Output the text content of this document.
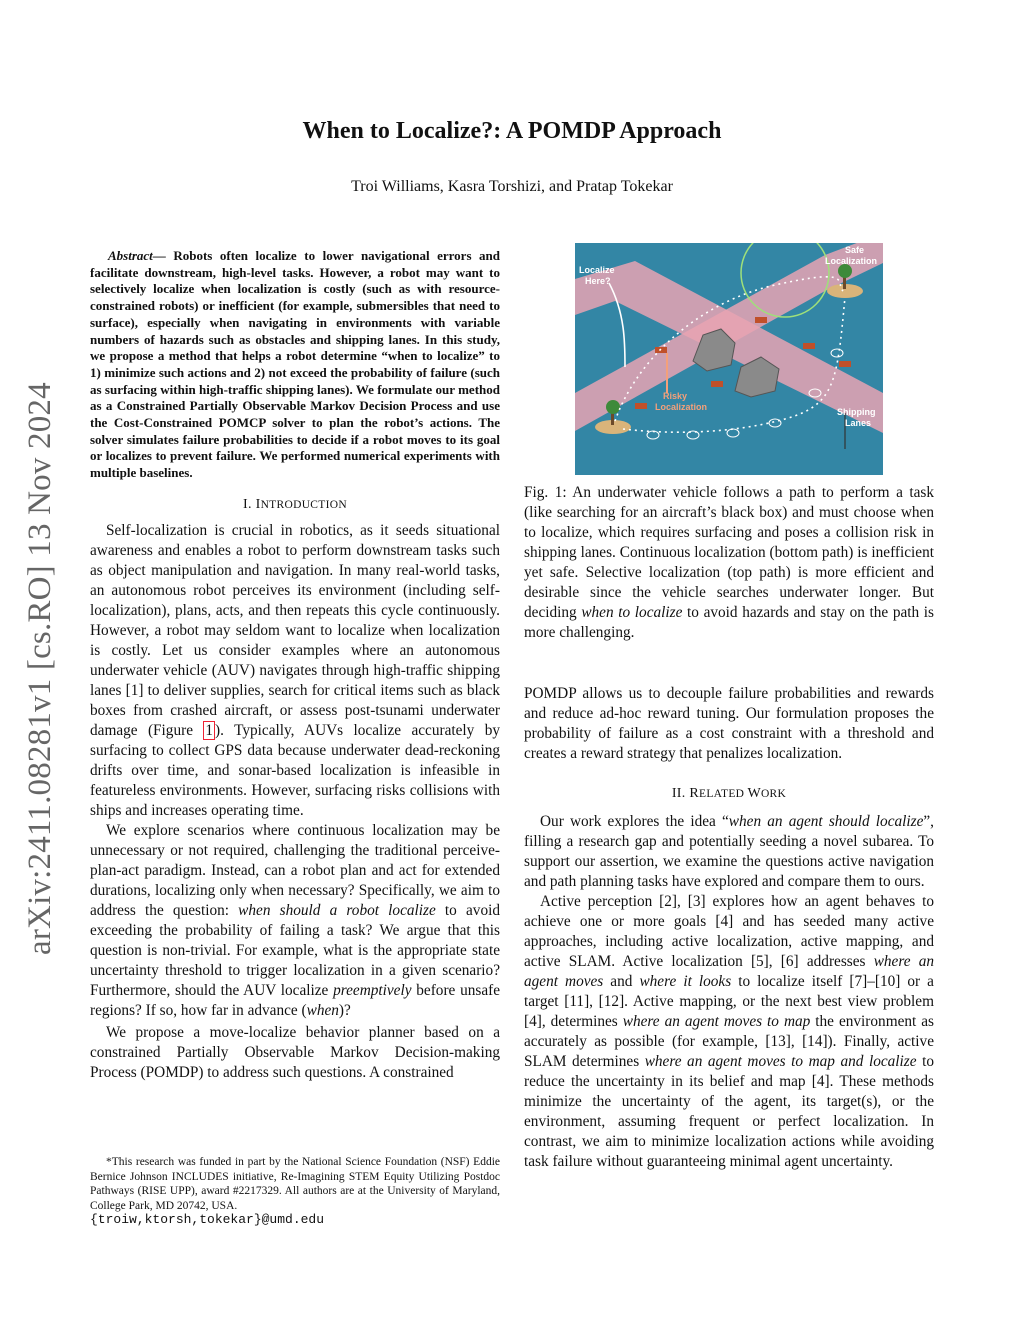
When to Localize?: A POMDP Approach
Troi Williams, Kasra Torshizi, and Pratap Tokekar
arXiv:2411.08281v1 [cs.RO] 13 Nov 2024

Abstract— Robots often localize to lower navigational errors and facilitate downstream, high-level tasks. However, a robot may want to selectively localize when localization is costly (such as with resource-constrained robots) or inefficient (for example, submersibles that need to surface), especially when navigating in environments with variable numbers of hazards such as obstacles and shipping lanes. In this study, we propose a method that helps a robot determine “when to localize” to 1) minimize such actions and 2) not exceed the probability of failure (such as surfacing within high-traffic shipping lanes). We formulate our method as a Constrained Partially Observable Markov Decision Process and use the Cost-Constrained POMCP solver to plan the robot’s actions. The solver simulates failure probabilities to decide if a robot moves to its goal or localizes to prevent failure. We performed numerical experiments with multiple baselines.

I. INTRODUCTION

Self-localization is crucial in robotics, as it seeds situational awareness and enables a robot to perform downstream tasks such as object manipulation and navigation. In many real-world tasks, an autonomous robot perceives its environment (including self-localization), plans, acts, and then repeats this cycle continuously. However, a robot may seldom want to localize when localization is costly. Let us consider examples where an autonomous underwater vehicle (AUV) navigates through high-traffic shipping lanes [1] to deliver supplies, search for critical items such as black boxes from crashed aircraft, or assess post-tsunami underwater damage (Figure 1 ). Typically, AUVs localize accurately by surfacing to collect GPS data because underwater dead-reckoning drifts over time, and sonar-based localization is infeasible in featureless environments. However, surfacing risks collisions with ships and increases operating time.

We explore scenarios where continuous localization may be unnecessary or not required, challenging the traditional perceive-plan-act paradigm. Instead, can a robot plan and act for extended durations, localizing only when necessary? Specifically, we aim to address the question: when should a robot localize to avoid exceeding the probability of failing a task? We argue that this question is non-trivial. For example, what is the appropriate state uncertainty threshold to trigger localization in a given scenario? Furthermore, should the AUV localize preemptively before unsafe regions? If so, how far in advance (when)?

We propose a move-localize behavior planner based on a constrained Partially Observable Markov Decision-making Process (POMDP) to address such questions. A constrained

*This research was funded in part by the National Science Foundation (NSF) Eddie Bernice Johnson INCLUDES initiative, Re-Imagining STEM Equity Utilizing Postdoc Pathways (RISE UPP), award #2217329. All authors are at the University of Maryland, College Park, MD 20742, USA.

{troiw,ktorsh,tokekar}@umd.edu

Localize
Here?
Safe
Localization
Risky
Localization	Shipping
Lanes
Fig. 1: An underwater vehicle follows a path to perform a task (like searching for an aircraft’s black box) and must choose when to localize, which requires surfacing and poses a collision risk in shipping lanes. Continuous localization (bottom path) is inefficient yet safe. Selective localization (top path) is more efficient and desirable since the vehicle searches underwater longer. But deciding when to localize to avoid hazards and stay on the path is more challenging.

POMDP allows us to decouple failure probabilities and rewards and reduce ad-hoc reward tuning. Our formulation proposes the probability of failure as a cost constraint with a threshold and creates a reward strategy that penalizes localization.

II. RELATED WORK

Our work explores the idea “when an agent should localize”, filling a research gap and potentially seeding a novel subarea. To support our assertion, we examine the questions active navigation and path planning tasks have explored and compare them to ours.

Active perception [2], [3] explores how an agent behaves to achieve one or more goals [4] and has seeded many active approaches, including active localization, active mapping, and active SLAM. Active localization [5], [6] addresses where an agent moves and where it looks to localize itself [7]–[10] or a target [11], [12]. Active mapping, or the next best view problem [4], determines where an agent moves to map the environment as accurately as possible (for example, [13], [14]). Finally, active SLAM determines where an agent moves to map and localize to reduce the uncertainty in its belief and map [4]. These methods minimize the uncertainty of the agent, its target(s), or the environment, assuming frequent or perfect localization. In contrast, we aim to minimize localization actions while avoiding task failure without guaranteeing minimal agent uncertainty.
